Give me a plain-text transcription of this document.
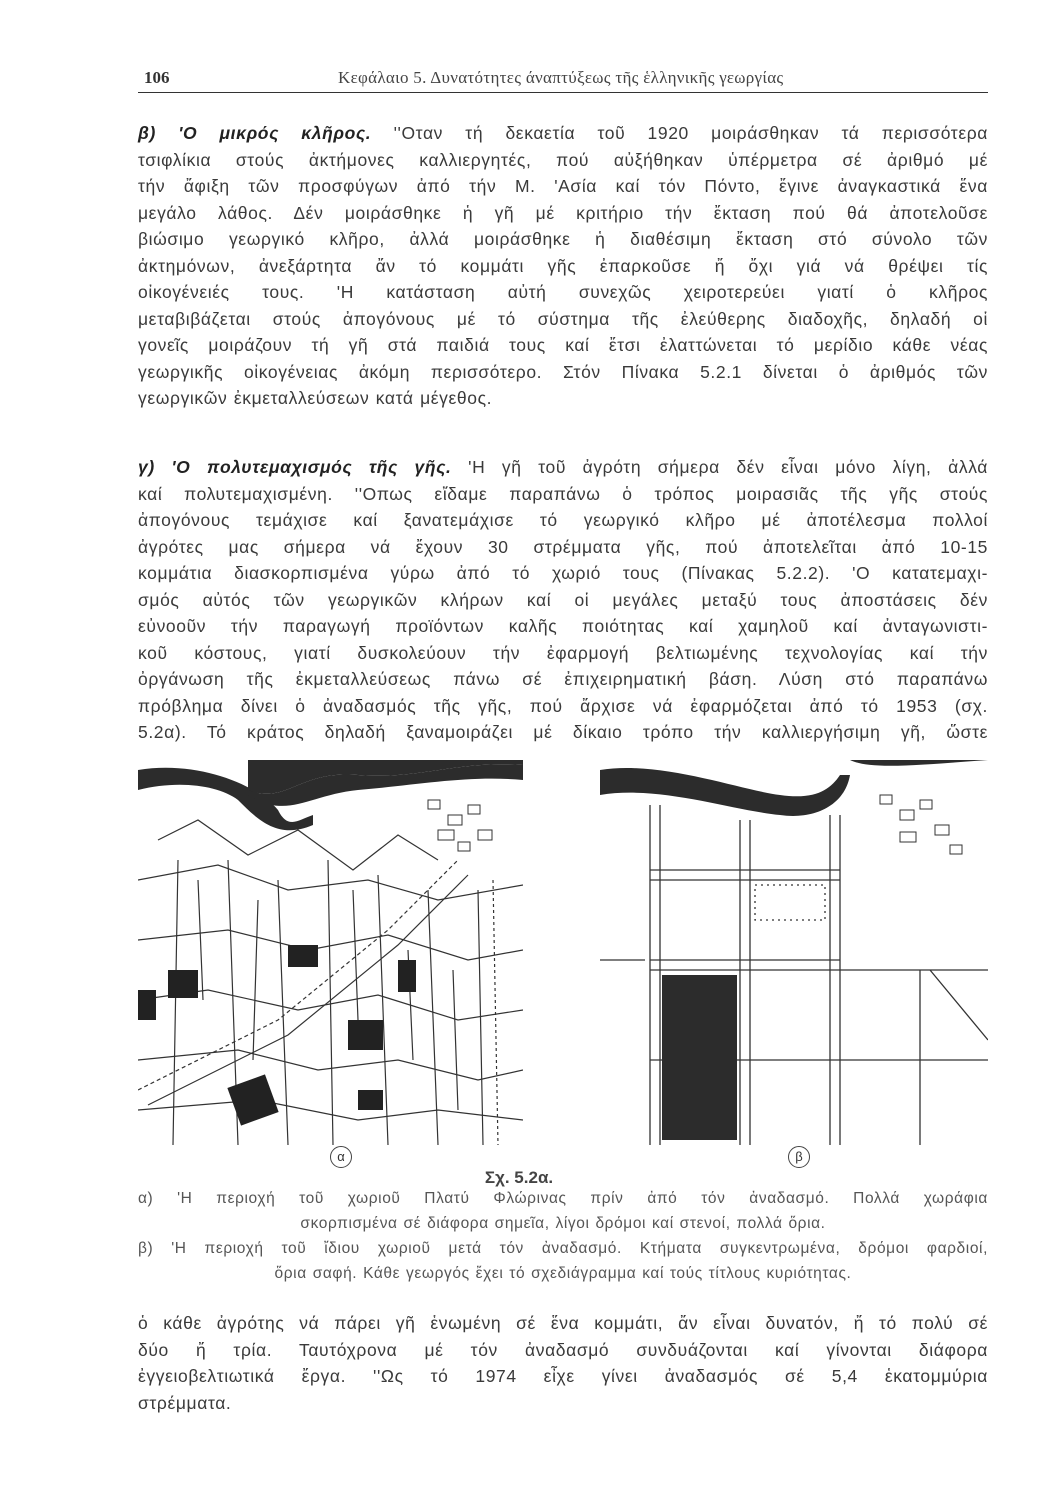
106	Κεφάλαιο 5. Δυνατότητες άναπτύξεως τῆς ἑλληνικῆς γεωργίας
β) 'Ο μικρός κλῆρος. ''Οταν τή δεκαετία τοῦ 1920 μοιράσθηκαν τά περισσότερα
τσιφλίκια στούς ἀκτήμονες καλλιεργητές, πού αὐξήθηκαν ὑπέρμετρα σέ ἀριθμό μέ
τήν ἄφιξη τῶν προσφύγων ἀπό τήν Μ. 'Ασία καί τόν Πόντο, ἔγινε ἀναγκαστικά ἕνα
μεγάλο λάθος. Δέν μοιράσθηκε ἡ γῆ μέ κριτήριο τήν ἔκταση πού θά ἀποτελοῦσε
βιώσιμο γεωργικό κλῆρο, ἀλλά μοιράσθηκε ἡ διαθέσιμη ἔκταση στό σύνολο τῶν
ἀκτημόνων, ἀνεξάρτητα ἄν τό κομμάτι γῆς ἐπαρκοῦσε ἤ ὄχι γιά νά θρέψει τίς
οἰκογένειές τους. 'Η κατάσταση αὐτή συνεχῶς χειροτερεύει γιατί ὁ κλῆρος
μεταβιβάζεται στούς ἀπογόνους μέ τό σύστημα τῆς ἐλεύθερης διαδοχῆς, δηλαδή οἱ
γονεῖς μοιράζουν τή γῆ στά παιδιά τους καί ἔτσι ἐλαττώνεται τό μερίδιο κάθε νέας
γεωργικῆς οἰκογένειας ἀκόμη περισσότερο. Στόν Πίνακα 5.2.1 δίνεται ὁ ἀριθμός τῶν
γεωργικῶν ἐκμεταλλεύσεων κατά μέγεθος.
γ) 'Ο πολυτεμαχισμός τῆς γῆς. 'Η γῆ τοῦ ἀγρότη σήμερα δέν εἶναι μόνο λίγη, ἀλλά
καί πολυτεμαχισμένη. ''Οπως εἴδαμε παραπάνω ὁ τρόπος μοιρασιᾶς τῆς γῆς στούς
ἀπογόνους τεμάχισε καί ξανατεμάχισε τό γεωργικό κλῆρο μέ ἀποτέλεσμα πολλοί
ἀγρότες μας σήμερα νά ἔχουν 30 στρέμματα γῆς, πού ἀποτελεῖται ἀπό 10-15
κομμάτια διασκορπισμένα γύρω ἀπό τό χωριό τους (Πίνακας 5.2.2). 'Ο κατατεμαχι-
σμός αὐτός τῶν γεωργικῶν κλήρων καί οἱ μεγάλες μεταξύ τους ἀποστάσεις δέν
εὐνοοῦν τήν παραγωγή προϊόντων καλῆς ποιότητας καί χαμηλοῦ καί ἀνταγωνιστι-
κοῦ κόστους, γιατί δυσκολεύουν τήν ἐφαρμογή βελτιωμένης τεχνολογίας καί τήν
ὀργάνωση τῆς ἐκμεταλλεύσεως πάνω σέ ἐπιχειρηματική βάση. Λύση στό παραπάνω
πρόβλημα δίνει ὁ ἀναδασμός τῆς γῆς, πού ἄρχισε νά ἐφαρμόζεται ἀπό τό 1953 (σχ.
5.2α). Τό κράτος δηλαδή ξαναμοιράζει μέ δίκαιο τρόπο τήν καλλιεργήσιμη γῆ, ὥστε
α	β
Σχ. 5.2α.
α) 'Η περιοχή τοῦ χωριοῦ Πλατύ Φλώρινας πρίν ἀπό τόν ἀναδασμό. Πολλά χωράφια
σκορπισμένα σέ διάφορα σημεῖα, λίγοι δρόμοι καί στενοί, πολλά ὅρια.
β) 'Η περιοχή τοῦ ἴδιου χωριοῦ μετά τόν ἀναδασμό. Κτήματα συγκεντρωμένα, δρόμοι φαρδιοί,
ὅρια σαφή. Κάθε γεωργός ἔχει τό σχεδιάγραμμα καί τούς τίτλους κυριότητας.
ὁ κάθε ἀγρότης νά πάρει γῆ ἑνωμένη σέ ἕνα κομμάτι, ἄν εἶναι δυνατόν, ἤ τό πολύ σέ
δύο ἤ τρία. Ταυτόχρονα μέ τόν ἀναδασμό συνδυάζονται καί γίνονται διάφορα
ἐγγειοβελτιωτικά ἔργα. ''Ως τό 1974 εἶχε γίνει ἀναδασμός σέ 5,4 ἑκατομμύρια
στρέμματα.
